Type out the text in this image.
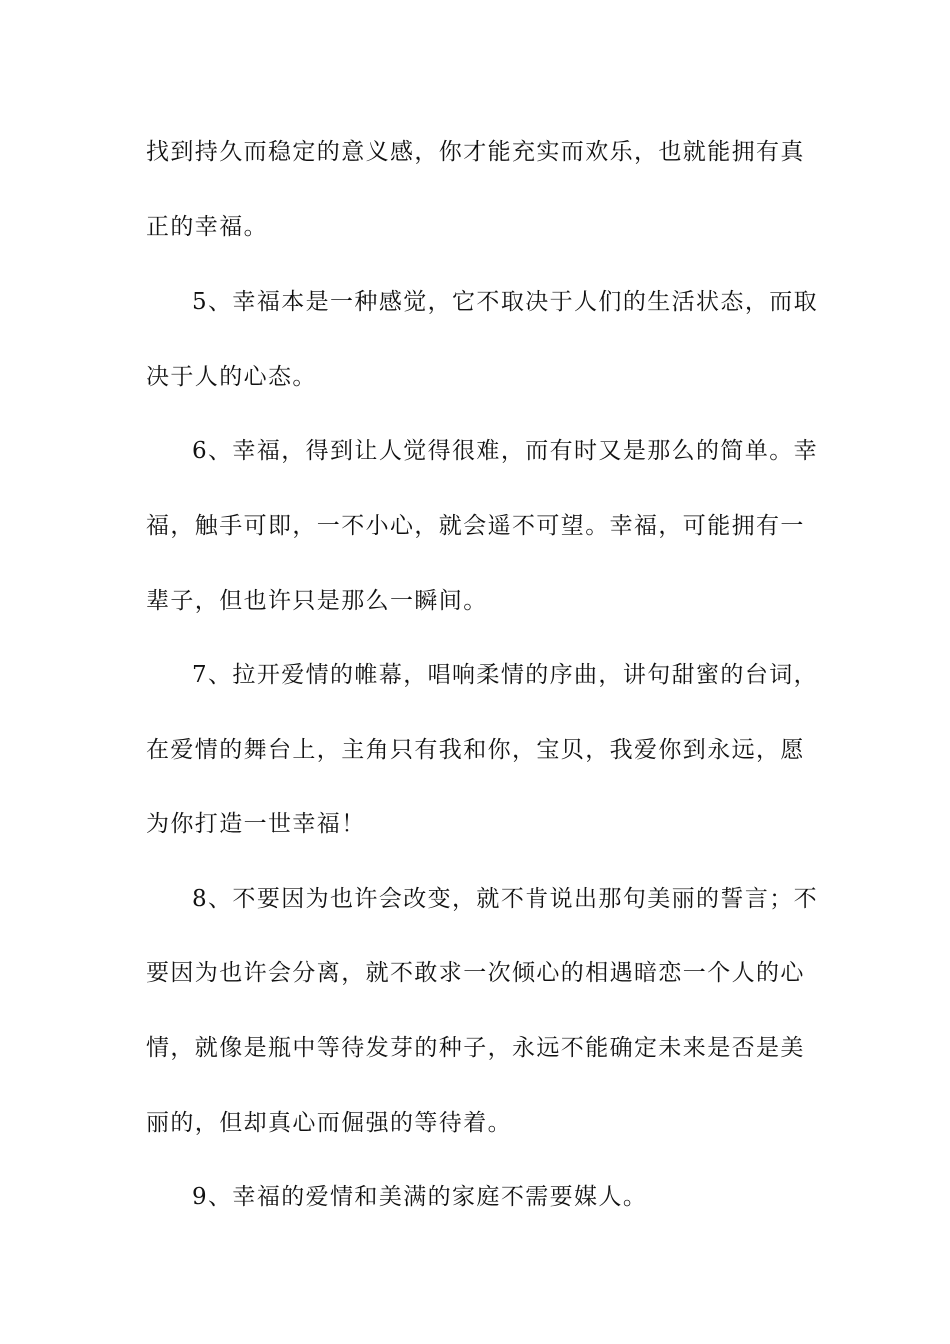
找到持久而稳定的意义感，你才能充实而欢乐，也就能拥有真
正的幸福。
5、幸福本是一种感觉，它不取决于人们的生活状态，而取
决于人的心态。
6、幸福，得到让人觉得很难，而有时又是那么的简单。幸
福，触手可即，一不小心，就会遥不可望。幸福，可能拥有一
辈子，但也许只是那么一瞬间。
7、拉开爱情的帷幕，唱响柔情的序曲，讲句甜蜜的台词，
在爱情的舞台上，主角只有我和你，宝贝，我爱你到永远，愿
为你打造一世幸福！
8、不要因为也许会改变，就不肯说出那句美丽的誓言；不
要因为也许会分离，就不敢求一次倾心的相遇暗恋一个人的心
情，就像是瓶中等待发芽的种子，永远不能确定未来是否是美
丽的，但却真心而倔强的等待着。
9、幸福的爱情和美满的家庭不需要媒人。
